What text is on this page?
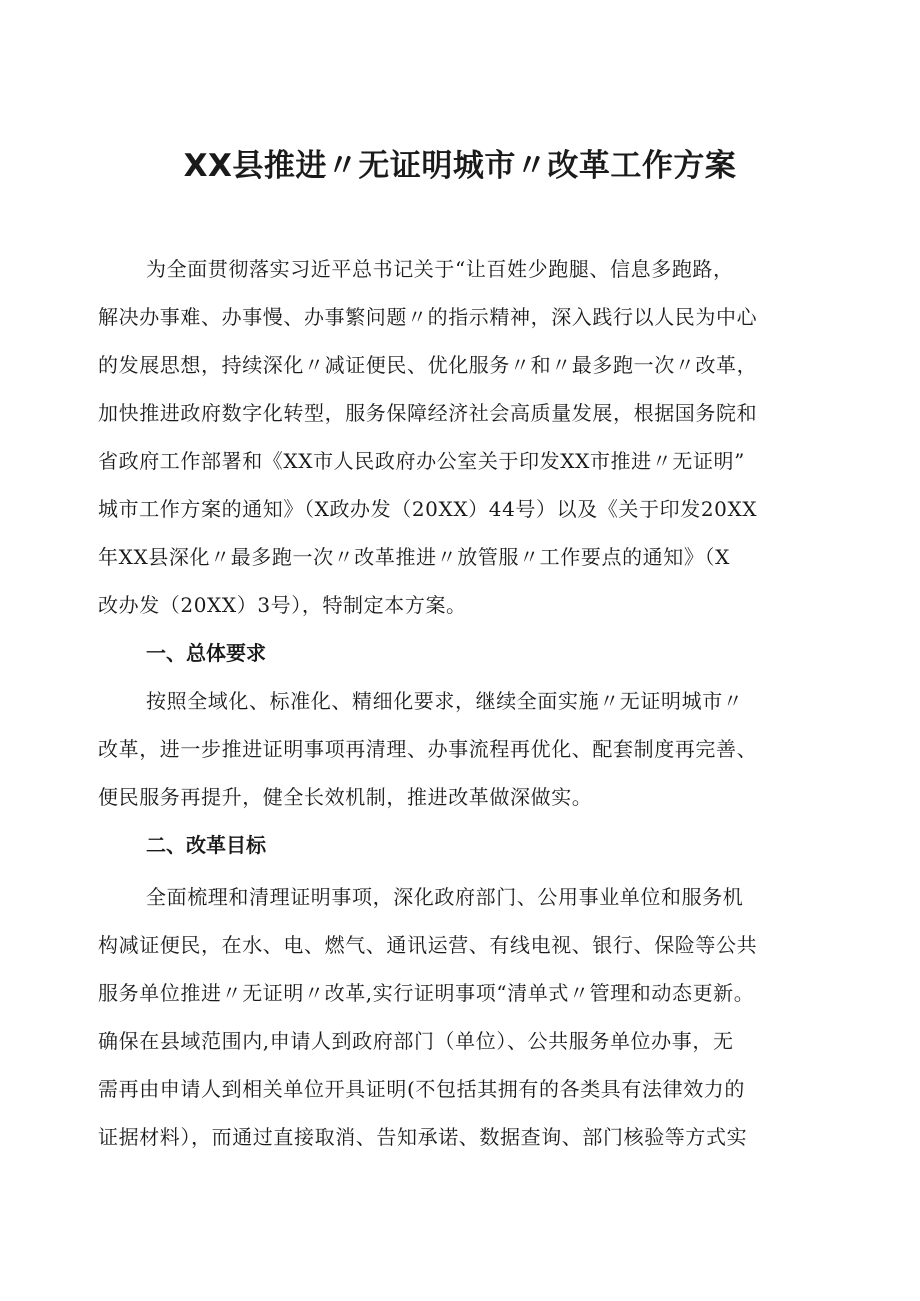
XX县推进〃无证明城市〃改革工作方案

为全面贯彻落实习近平总书记关于“让百姓少跑腿、信息多跑路，

解决办事难、办事慢、办事繁问题〃的指示精神，深入践行以人民为中心

的发展思想，持续深化〃减证便民、优化服务〃和〃最多跑一次〃改革，

加快推进政府数字化转型，服务保障经济社会高质量发展，根据国务院和

省政府工作部署和《XX市人民政府办公室关于印发XX市推进〃无证明”

城市工作方案的通知》（X政办发（20XX）44号）以及《关于印发20XX

年XX县深化〃最多跑一次〃改革推进〃放管服〃工作要点的通知》（X

改办发（20XX）3号），特制定本方案。

一、总体要求

按照全域化、标准化、精细化要求，继续全面实施〃无证明城市〃

改革，进一步推进证明事项再清理、办事流程再优化、配套制度再完善、

便民服务再提升，健全长效机制，推进改革做深做实。

二、改革目标

全面梳理和清理证明事项，深化政府部门、公用事业单位和服务机

构减证便民，在水、电、燃气、通讯运营、有线电视、银行、保险等公共

服务单位推进〃无证明〃改革,实行证明事项“清单式〃管理和动态更新。

确保在县域范围内,申请人到政府部门（单位）、公共服务单位办事，无

需再由申请人到相关单位开具证明(不包括其拥有的各类具有法律效力的

证据材料），而通过直接取消、告知承诺、数据查询、部门核验等方式实
